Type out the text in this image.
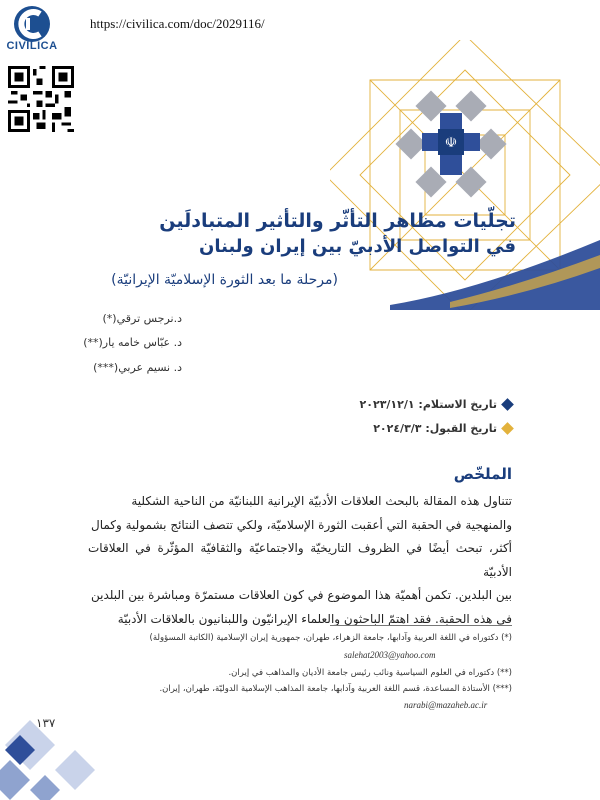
CIVILICA
https://civilica.com/doc/2029116/
☫
تجلّيات مظاهر التأثّر والتأثير المتبادلَين
في التواصل الأدبيّ بين إيران ولبنان
(مرحلة ما بعد الثورة الإسلاميّة الإيرانيّة)
د.نرجس ترقي(*)
د. عبّاس خامه يار(**)
د. نسيم عربي(***)
تاريخ الاستلام: ٢٠٢٣/١٢/١
تاريخ القبول: ٢٠٢٤/٣/٣
الملخّص
تتناول هذه المقالة بالبحث العلاقات الأدبيّة الإيرانية اللبنانيّة من الناحية الشكلية
والمنهجية في الحقبة التي أعقبت الثورة الإسلاميّة، ولكي تتصف النتائج بشمولية وكمال
أكثر، تبحث أيضًا في الظروف التاريخيّة والاجتماعيّة والثقافيّة المؤثّرة في العلاقات الأدبيّة
بين البلدين. تكمن أهميّة هذا الموضوع في كون العلاقات مستمرّة ومباشرة بين البلدين
في هذه الحقبة. فقد اهتمّ الباحثون والعلماء الإيرانيّون واللبنانيون بالعلاقات الأدبيّة
(*) دكتوراه في اللغة العربية وآدابها، جامعة الزهراء، طهران، جمهورية إيران الإسلامية (الكاتبة المسؤولة)
salehat2003@yahoo.com
(**) دكتوراه في العلوم السياسية ونائب رئيس جامعة الأديان والمذاهب في إيران.
(***) الأستاذة المساعدة، قسم اللغة العربية وآدابها، جامعة المذاهب الإسلامية الدوليّة، طهران، إيران.
narabi@mazaheb.ac.ir
١٣٧
